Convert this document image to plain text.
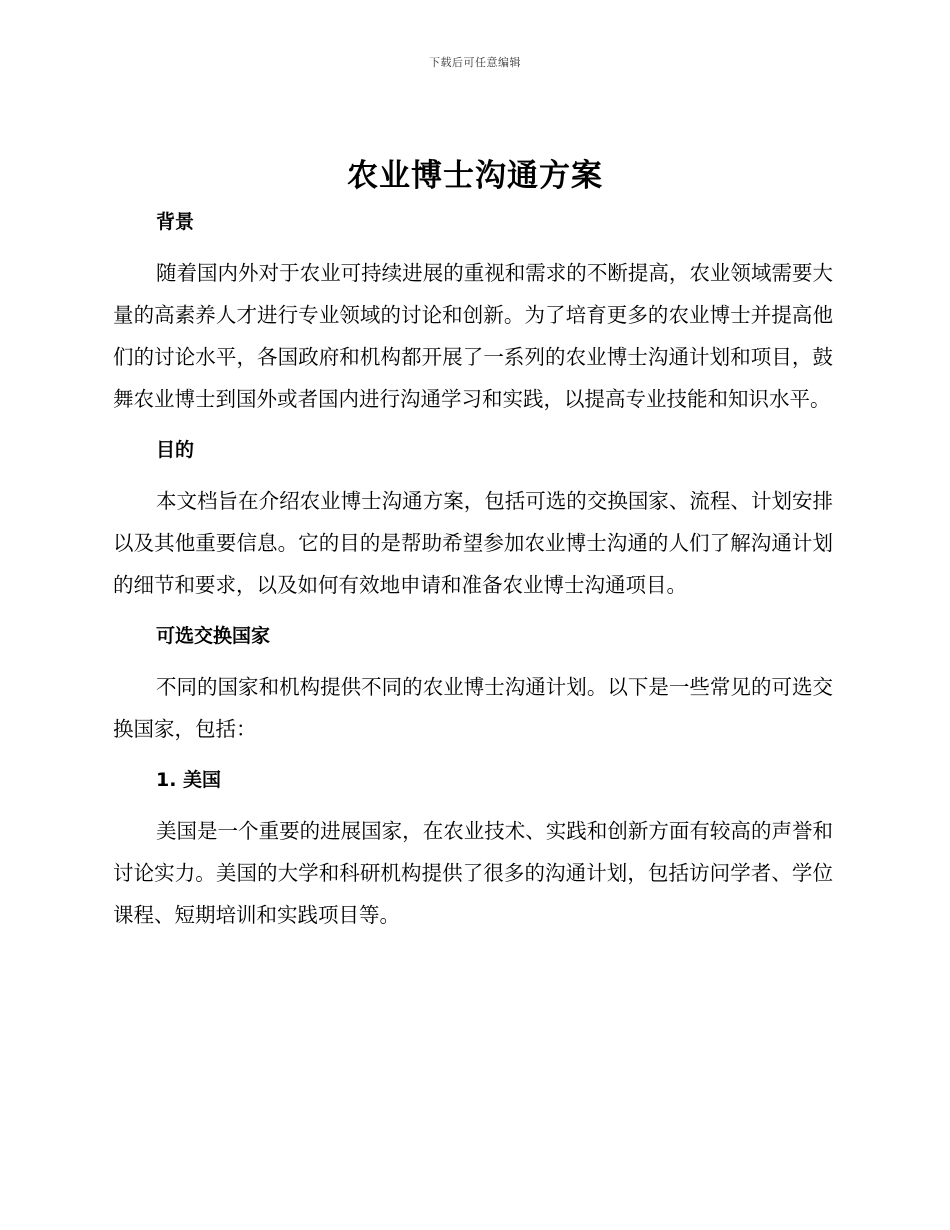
下载后可任意编辑
农业博士沟通方案
背景

随着国内外对于农业可持续进展的重视和需求的不断提高，农业领域需要大量的高素养人才进行专业领域的讨论和创新。为了培育更多的农业博士并提高他们的讨论水平，各国政府和机构都开展了一系列的农业博士沟通计划和项目，鼓舞农业博士到国外或者国内进行沟通学习和实践，以提高专业技能和知识水平。

目的

本文档旨在介绍农业博士沟通方案，包括可选的交换国家、流程、计划安排以及其他重要信息。它的目的是帮助希望参加农业博士沟通的人们了解沟通计划的细节和要求，以及如何有效地申请和准备农业博士沟通项目。

可选交换国家

不同的国家和机构提供不同的农业博士沟通计划。以下是一些常见的可选交换国家，包括：

1. 美国

美国是一个重要的进展国家，在农业技术、实践和创新方面有较高的声誉和讨论实力。美国的大学和科研机构提供了很多的沟通计划，包括访问学者、学位课程、短期培训和实践项目等。
